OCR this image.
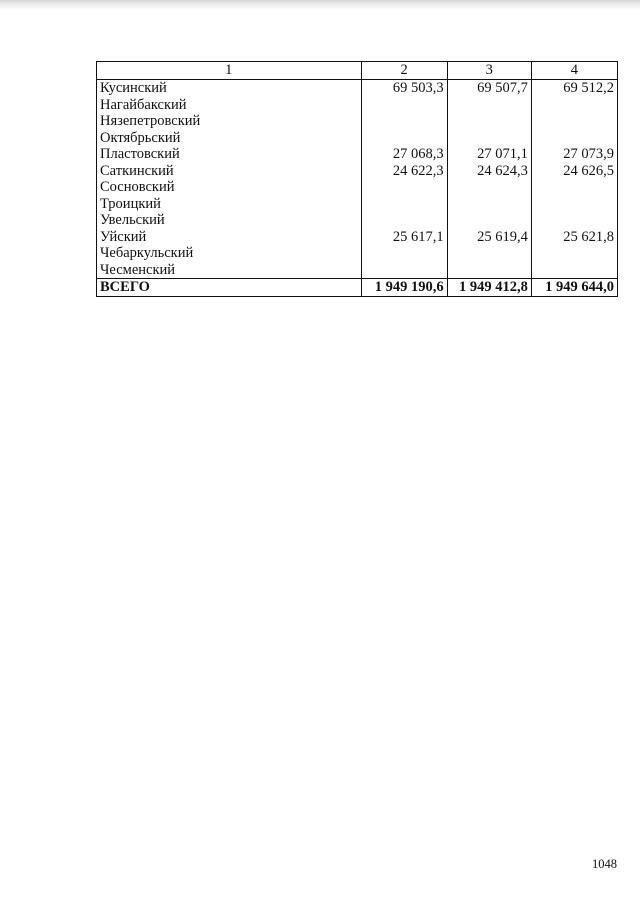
1	2	3	4
Кусинский	69 503,3	69 507,7	69 512,2
Нагайбакский			
Нязепетровский			
Октябрьский			
Пластовский	27 068,3	27 071,1	27 073,9
Саткинский	24 622,3	24 624,3	24 626,5
Сосновский			
Троицкий			
Увельский			
Уйский	25 617,1	25 619,4	25 621,8
Чебаркульский			
Чесменский			
ВСЕГО	1 949 190,6	1 949 412,8	1 949 644,0
1048
